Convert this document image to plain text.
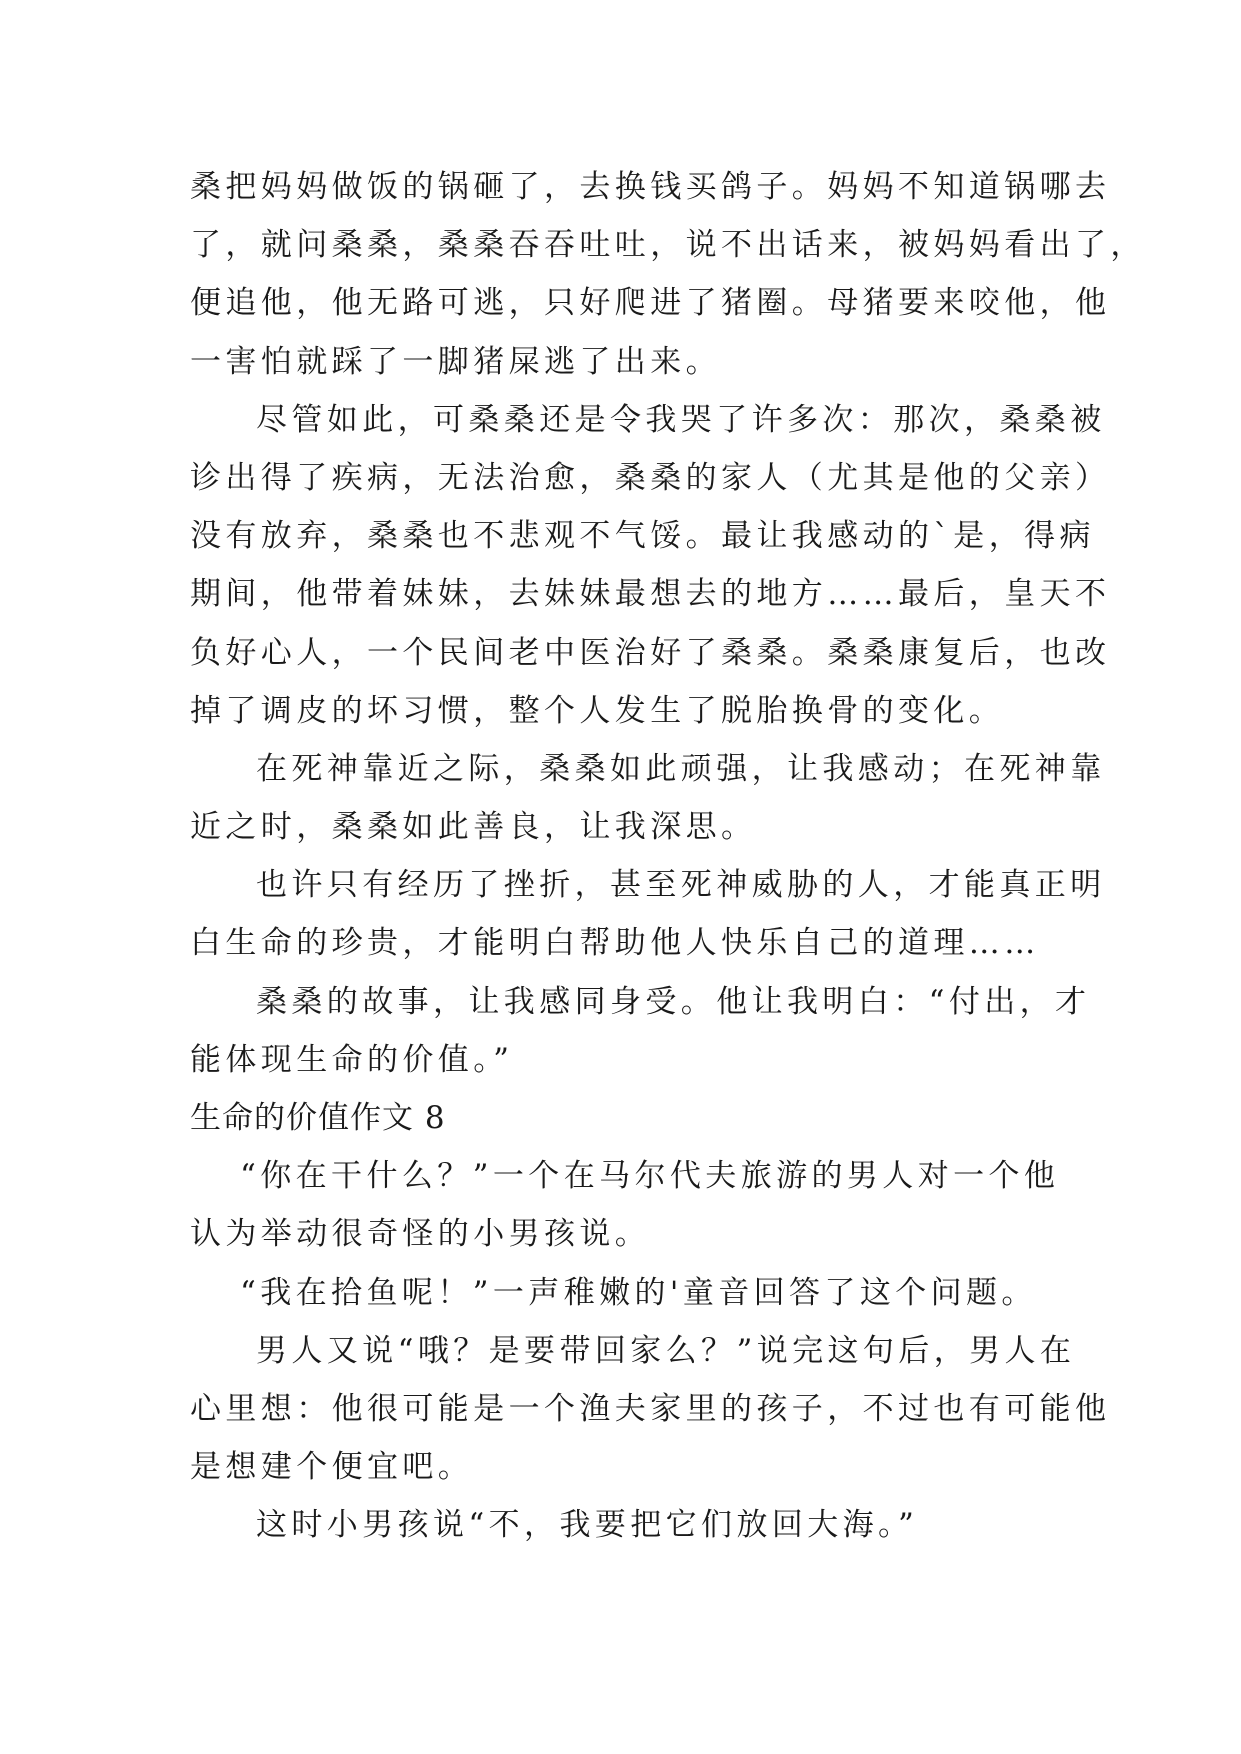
桑把妈妈做饭的锅砸了，去换钱买鸽子。妈妈不知道锅哪去
了，就问桑桑，桑桑吞吞吐吐，说不出话来，被妈妈看出了，
便追他，他无路可逃，只好爬进了猪圈。母猪要来咬他，他
一害怕就踩了一脚猪屎逃了出来。
尽管如此，可桑桑还是令我哭了许多次：那次，桑桑被
诊出得了疾病，无法治愈，桑桑的家人（尤其是他的父亲）
没有放弃，桑桑也不悲观不气馁。最让我感动的`是，得病
期间，他带着妹妹，去妹妹最想去的地方……最后，皇天不
负好心人，一个民间老中医治好了桑桑。桑桑康复后，也改
掉了调皮的坏习惯，整个人发生了脱胎换骨的变化。
在死神靠近之际，桑桑如此顽强，让我感动；在死神靠
近之时，桑桑如此善良，让我深思。
也许只有经历了挫折，甚至死神威胁的人，才能真正明
白生命的珍贵，才能明白帮助他人快乐自己的道理……
桑桑的故事，让我感同身受。他让我明白：“付出，才
能体现生命的价值。”
生命的价值作文 8
“你在干什么？”一个在马尔代夫旅游的男人对一个他
认为举动很奇怪的小男孩说。
“我在拾鱼呢！”一声稚嫩的'童音回答了这个问题。
男人又说“哦？是要带回家么？”说完这句后，男人在
心里想：他很可能是一个渔夫家里的孩子，不过也有可能他
是想建个便宜吧。
这时小男孩说“不，我要把它们放回大海。”
